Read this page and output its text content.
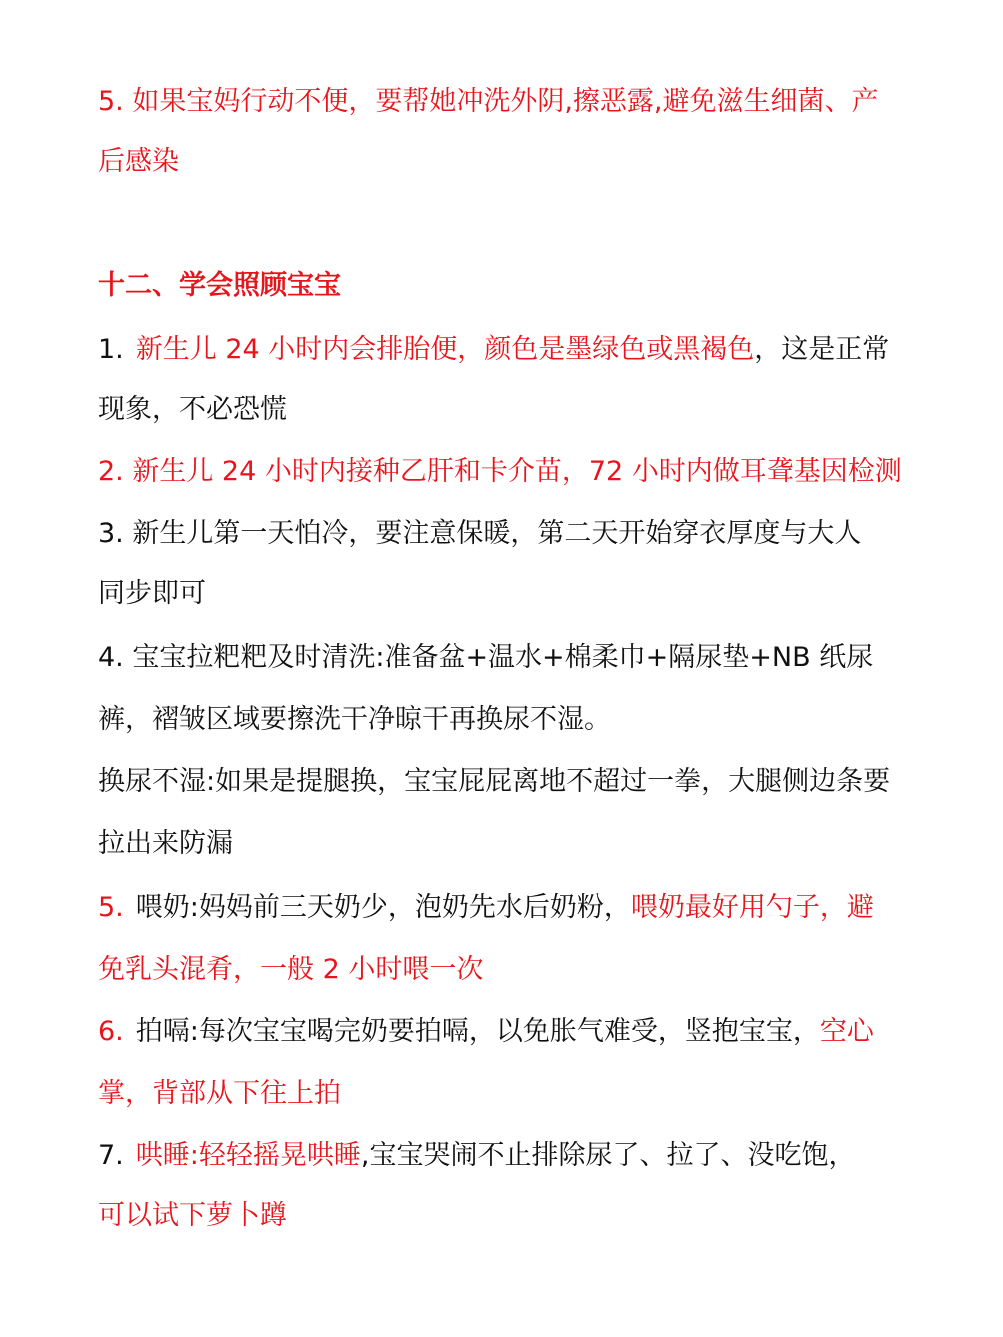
5. 如果宝妈行动不便，要帮她冲洗外阴,擦恶露,避免滋生细菌、产
后感染
十二、学会照顾宝宝
1. 新生儿 24 小时内会排胎便，颜色是墨绿色或黑褐色，这是正常
现象，不必恐慌
2. 新生儿 24 小时内接种乙肝和卡介苗，72 小时内做耳聋基因检测
3. 新生儿第一天怕冷，要注意保暖，第二天开始穿衣厚度与大人
同步即可
4. 宝宝拉粑粑及时清洗:准备盆+温水+棉柔巾+隔尿垫+NB 纸尿
裤，褶皱区域要擦洗干净晾干再换尿不湿。
换尿不湿:如果是提腿换，宝宝屁屁离地不超过一拳，大腿侧边条要
拉出来防漏
5. 喂奶:妈妈前三天奶少，泡奶先水后奶粉，喂奶最好用勺子，避
免乳头混肴，一般 2 小时喂一次
6. 拍嗝:每次宝宝喝完奶要拍嗝，以免胀气难受，竖抱宝宝，空心
掌，背部从下往上拍
7. 哄睡:轻轻摇晃哄睡,宝宝哭闹不止排除尿了、拉了、没吃饱，
可以试下萝卜蹲
